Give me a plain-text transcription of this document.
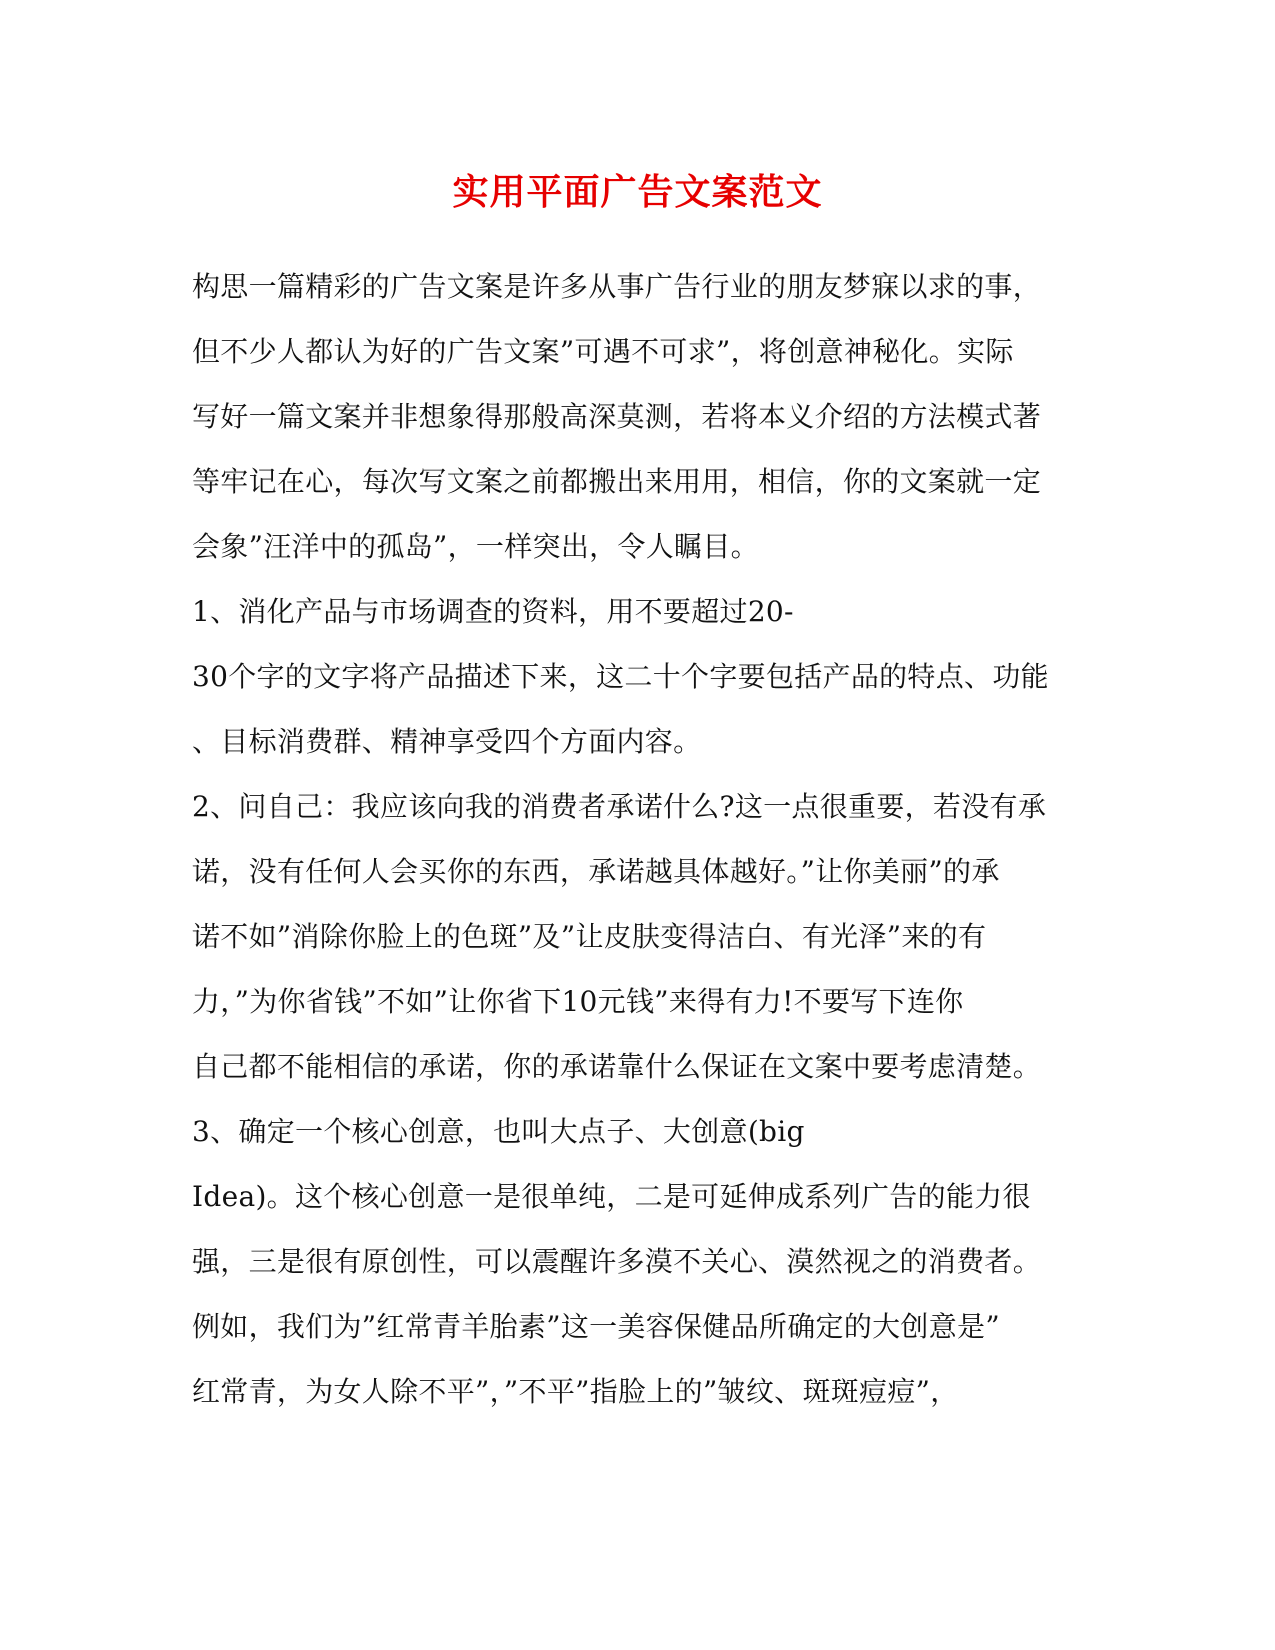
实用平面广告文案范文
构思一篇精彩的广告文案是许多从事广告行业的朋友梦寐以求的事，
但不少人都认为好的广告文案”可遇不可求”，将创意神秘化。实际
写好一篇文案并非想象得那般高深莫测，若将本义介绍的方法模式著
等牢记在心，每次写文案之前都搬出来用用，相信，你的文案就一定
会象”汪洋中的孤岛”，一样突出，令人瞩目。
1、消化产品与市场调查的资料，用不要超过20-
30个字的文字将产品描述下来，这二十个字要包括产品的特点、功能
、目标消费群、精神享受四个方面内容。
2、问自己：我应该向我的消费者承诺什么?这一点很重要，若没有承
诺，没有任何人会买你的东西，承诺越具体越好。”让你美丽”的承
诺不如”消除你脸上的色斑”及”让皮肤变得洁白、有光泽”来的有
力，”为你省钱”不如”让你省下10元钱”来得有力!不要写下连你
自己都不能相信的承诺，你的承诺靠什么保证在文案中要考虑清楚。
3、确定一个核心创意，也叫大点子、大创意(big
Idea)。这个核心创意一是很单纯，二是可延伸成系列广告的能力很
强，三是很有原创性，可以震醒许多漠不关心、漠然视之的消费者。
例如，我们为”红常青羊胎素”这一美容保健品所确定的大创意是”
红常青，为女人除不平”，”不平”指脸上的”皱纹、斑斑痘痘”，
